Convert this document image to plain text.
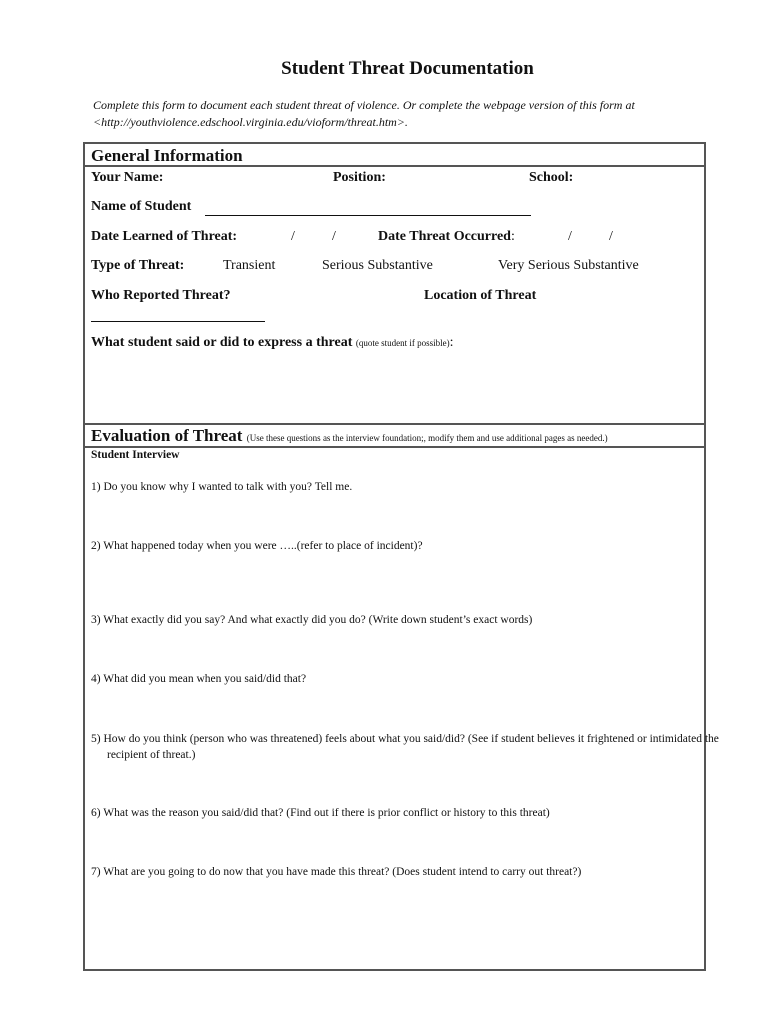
Student Threat Documentation
Complete this form to document each student threat of violence. Or complete the webpage version of this form at <http://youthviolence.edschool.virginia.edu/vioform/threat.htm>.
General Information
Your Name:	Position:	School:
Name of Student
Date Learned of Threat:	/	/	Date Threat Occurred:	/	/
Type of Threat:	Transient	Serious Substantive	Very Serious Substantive
Who Reported Threat?	Location of Threat
What student said or did to express a threat (quote student if possible):
Evaluation of Threat (Use these questions as the interview foundation;, modify them and use additional pages as needed.)
Student Interview
1) Do you know why I wanted to talk with you? Tell me.
2) What happened today when you were …..(refer to place of incident)?
3) What exactly did you say? And what exactly did you do? (Write down student’s exact words)
4) What did you mean when you said/did that?
5) How do you think (person who was threatened) feels about what you said/did? (See if student believes it frightened or intimidated the recipient of threat.)
6) What was the reason you said/did that? (Find out if there is prior conflict or history to this threat)
7) What are you going to do now that you have made this threat? (Does student intend to carry out threat?)
